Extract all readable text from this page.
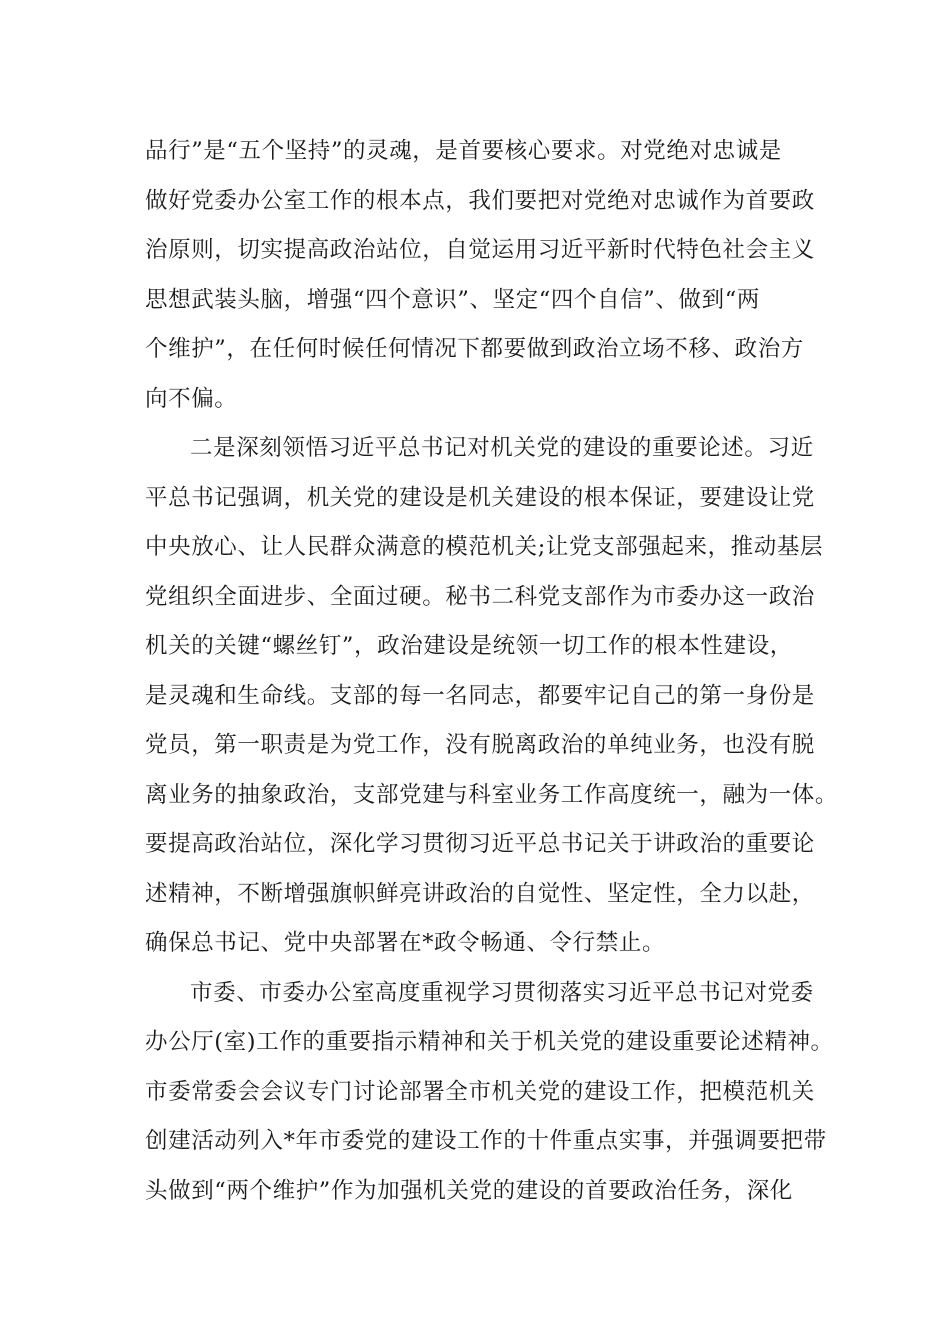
品行”是“五个坚持”的灵魂，是首要核心要求。对党绝对忠诚是
做好党委办公室工作的根本点，我们要把对党绝对忠诚作为首要政
治原则，切实提高政治站位，自觉运用习近平新时代特色社会主义
思想武装头脑，增强“四个意识”、坚定“四个自信”、做到“两
个维护”，在任何时候任何情况下都要做到政治立场不移、政治方
向不偏。
二是深刻领悟习近平总书记对机关党的建设的重要论述。习近
平总书记强调，机关党的建设是机关建设的根本保证，要建设让党
中央放心、让人民群众满意的模范机关;让党支部强起来，推动基层
党组织全面进步、全面过硬。秘书二科党支部作为市委办这一政治
机关的关键“螺丝钉”，政治建设是统领一切工作的根本性建设，
是灵魂和生命线。支部的每一名同志，都要牢记自己的第一身份是
党员，第一职责是为党工作，没有脱离政治的单纯业务，也没有脱
离业务的抽象政治，支部党建与科室业务工作高度统一，融为一体。
要提高政治站位，深化学习贯彻习近平总书记关于讲政治的重要论
述精神，不断增强旗帜鲜亮讲政治的自觉性、坚定性，全力以赴，
确保总书记、党中央部署在*政令畅通、令行禁止。
市委、市委办公室高度重视学习贯彻落实习近平总书记对党委
办公厅(室)工作的重要指示精神和关于机关党的建设重要论述精神。
市委常委会会议专门讨论部署全市机关党的建设工作，把模范机关
创建活动列入*年市委党的建设工作的十件重点实事，并强调要把带
头做到“两个维护”作为加强机关党的建设的首要政治任务，深化
